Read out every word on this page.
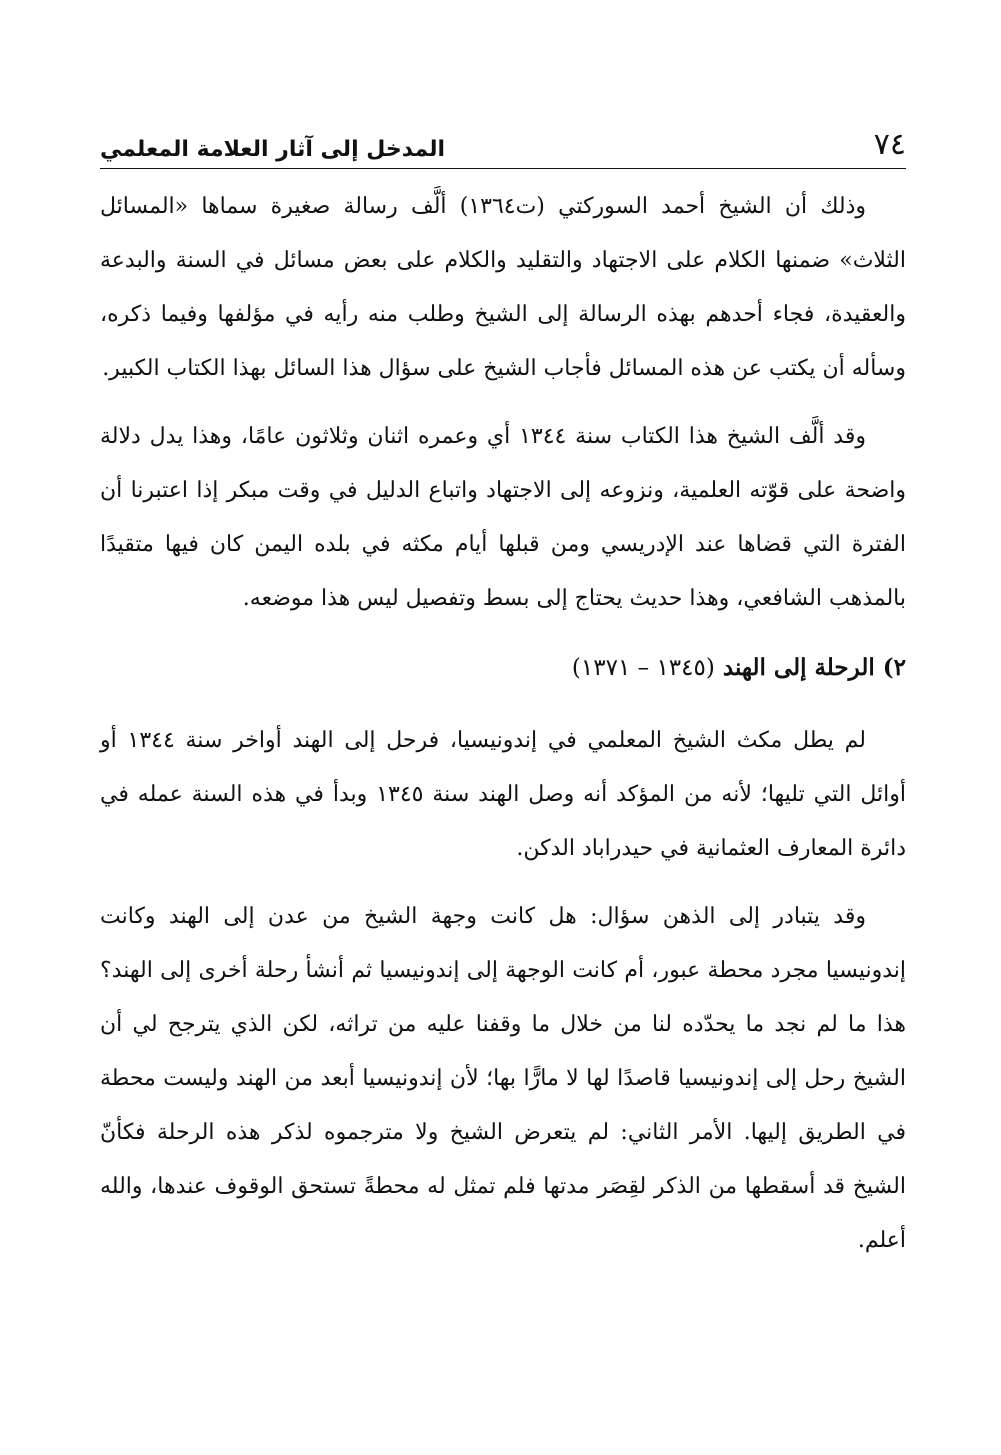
المدخل إلى آثار العلامة المعلمي	٧٤

وذلك أن الشيخ أحمد السوركتي (ت١٣٦٤) ألَّف رسالة صغيرة سماها «المسائل الثلاث» ضمنها الكلام على الاجتهاد والتقليد والكلام على بعض مسائل في السنة والبدعة والعقيدة، فجاء أحدهم بهذه الرسالة إلى الشيخ وطلب منه رأيه في مؤلفها وفيما ذكره، وسأله أن يكتب عن هذه المسائل فأجاب الشيخ على سؤال هذا السائل بهذا الكتاب الكبير.

وقد ألَّف الشيخ هذا الكتاب سنة ١٣٤٤ أي وعمره اثنان وثلاثون عامًا، وهذا يدل دلالة واضحة على قوّته العلمية، ونزوعه إلى الاجتهاد واتباع الدليل في وقت مبكر إذا اعتبرنا أن الفترة التي قضاها عند الإدريسي ومن قبلها أيام مكثه في بلده اليمن كان فيها متقيدًا بالمذهب الشافعي، وهذا حديث يحتاج إلى بسط وتفصيل ليس هذا موضعه.

٢) الرحلة إلى الهند (١٣٤٥ – ١٣٧١)

لم يطل مكث الشيخ المعلمي في إندونيسيا، فرحل إلى الهند أواخر سنة ١٣٤٤ أو أوائل التي تليها؛ لأنه من المؤكد أنه وصل الهند سنة ١٣٤٥ وبدأ في هذه السنة عمله في دائرة المعارف العثمانية في حيدراباد الدكن.

وقد يتبادر إلى الذهن سؤال: هل كانت وجهة الشيخ من عدن إلى الهند وكانت إندونيسيا مجرد محطة عبور، أم كانت الوجهة إلى إندونيسيا ثم أنشأ رحلة أخرى إلى الهند؟ هذا ما لم نجد ما يحدّده لنا من خلال ما وقفنا عليه من تراثه، لكن الذي يترجح لي أن الشيخ رحل إلى إندونيسيا قاصدًا لها لا مارًّا بها؛ لأن إندونيسيا أبعد من الهند وليست محطة في الطريق إليها. الأمر الثاني: لم يتعرض الشيخ ولا مترجموه لذكر هذه الرحلة فكأنّ الشيخ قد أسقطها من الذكر لقِصَر مدتها فلم تمثل له محطةً تستحق الوقوف عندها، والله أعلم.
